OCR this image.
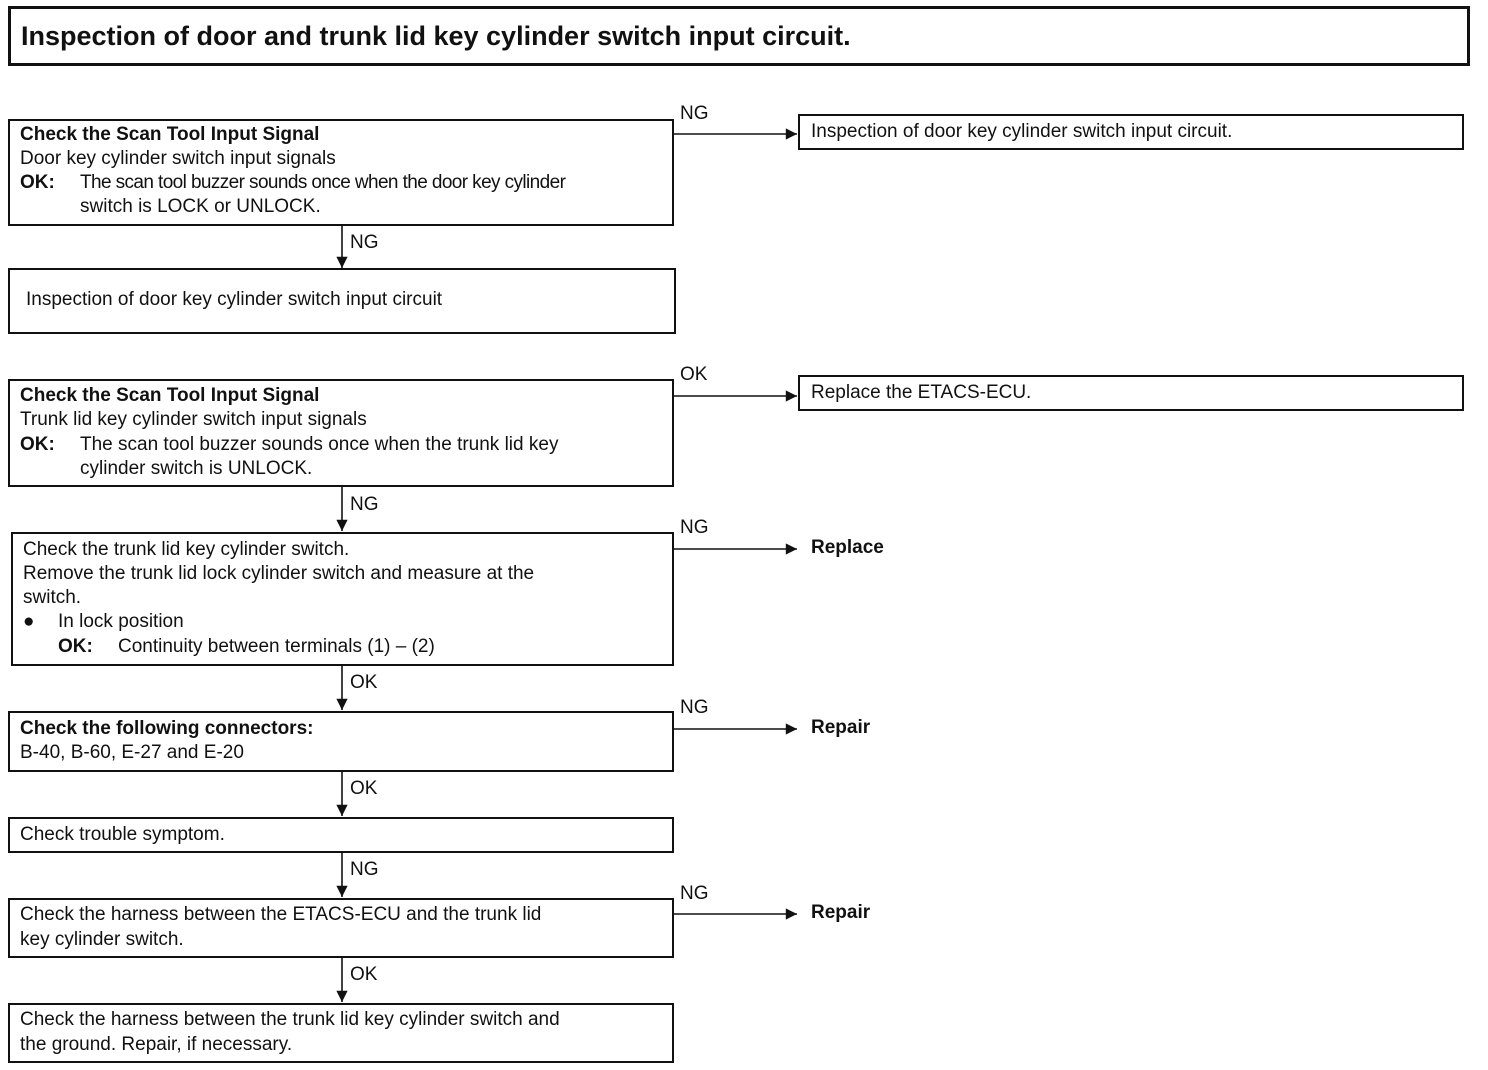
Inspection of door and trunk lid key cylinder switch input circuit.
Check the Scan Tool Input Signal
Door key cylinder switch input signals
OK: The scan tool buzzer sounds once when the door key cylinder
switch is LOCK or UNLOCK.
NG
Inspection of door key cylinder switch input circuit.
NG
Inspection of door key cylinder switch input circuit
Check the Scan Tool Input Signal
Trunk lid key cylinder switch input signals
OK: The scan tool buzzer sounds once when the trunk lid key
cylinder switch is UNLOCK.
OK
Replace the ETACS-ECU.
NG
Check the trunk lid key cylinder switch.
Remove the trunk lid lock cylinder switch and measure at the
switch.
● In lock position
OK: Continuity between terminals (1) – (2)
NG
Replace
OK
Check the following connectors:
B-40, B-60, E-27 and E-20
NG
Repair
OK
Check trouble symptom.
NG
Check the harness between the ETACS-ECU and the trunk lid
key cylinder switch.
NG
Repair
OK
Check the harness between the trunk lid key cylinder switch and
the ground. Repair, if necessary.
